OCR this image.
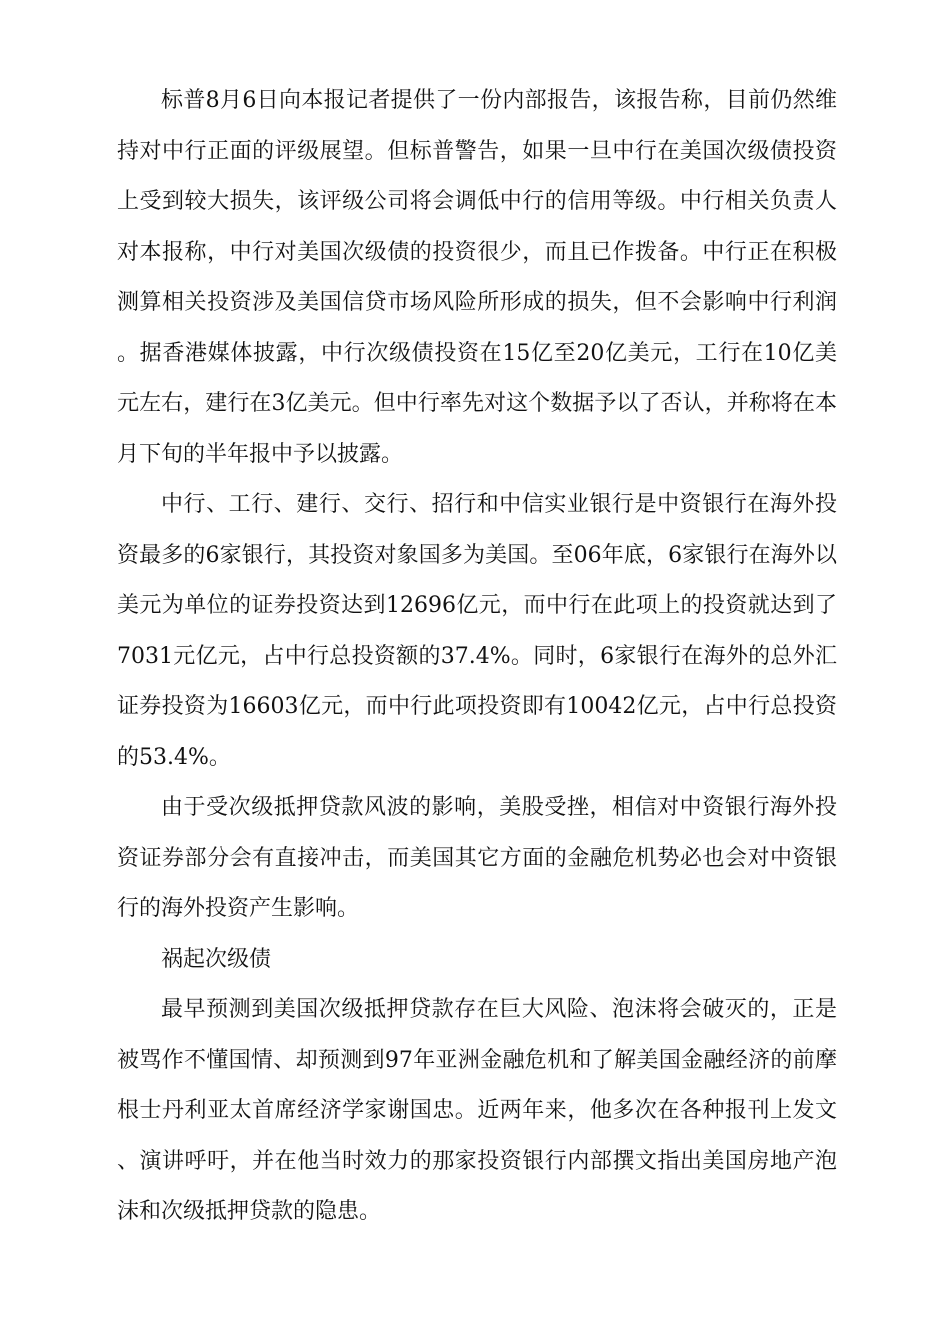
标普8月6日向本报记者提供了一份内部报告，该报告称，目前仍然维持对中行正面的评级展望。但标普警告，如果一旦中行在美国次级债投资上受到较大损失，该评级公司将会调低中行的信用等级。中行相关负责人对本报称，中行对美国次级债的投资很少，而且已作拨备。中行正在积极测算相关投资涉及美国信贷市场风险所形成的损失，但不会影响中行利润。据香港媒体披露，中行次级债投资在15亿至20亿美元，工行在10亿美元左右，建行在3亿美元。但中行率先对这个数据予以了否认，并称将在本月下旬的半年报中予以披露。

中行、工行、建行、交行、招行和中信实业银行是中资银行在海外投资最多的6家银行，其投资对象国多为美国。至06年底，6家银行在海外以美元为单位的证券投资达到12696亿元，而中行在此项上的投资就达到了7031元亿元，占中行总投资额的37.4%。同时，6家银行在海外的总外汇证券投资为16603亿元，而中行此项投资即有10042亿元，占中行总投资的53.4%。

由于受次级抵押贷款风波的影响，美股受挫，相信对中资银行海外投资证券部分会有直接冲击，而美国其它方面的金融危机势必也会对中资银行的海外投资产生影响。

祸起次级债

最早预测到美国次级抵押贷款存在巨大风险、泡沫将会破灭的，正是被骂作不懂国情、却预测到97年亚洲金融危机和了解美国金融经济的前摩根士丹利亚太首席经济学家谢国忠。近两年来，他多次在各种报刊上发文、演讲呼吁，并在他当时效力的那家投资银行内部撰文指出美国房地产泡沫和次级抵押贷款的隐患。
